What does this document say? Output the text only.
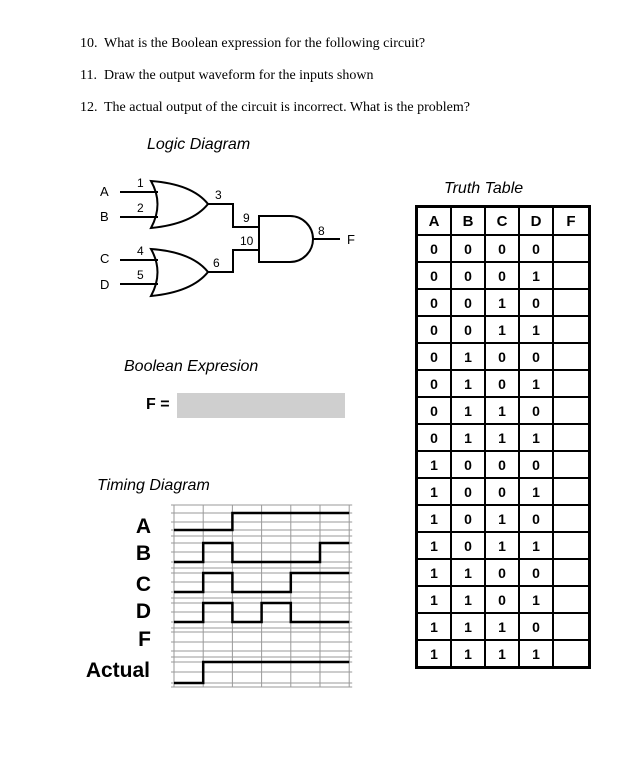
10. What is the Boolean expression for the following circuit?
11. Draw the output waveform for the inputs shown
12. The actual output of the circuit is incorrect. What is the problem?
Logic Diagram
A
B
C
D
F
1
2
3
4
5
6
9
10
8
Boolean Expresion
F =
Timing Diagram
A
B
C
D
F
Actual
Truth Table
A	B	C	D	F
0	0	0	0	
0	0	0	1	
0	0	1	0	
0	0	1	1	
0	1	0	0	
0	1	0	1	
0	1	1	0	
0	1	1	1	
1	0	0	0	
1	0	0	1	
1	0	1	0	
1	0	1	1	
1	1	0	0	
1	1	0	1	
1	1	1	0	
1	1	1	1	
